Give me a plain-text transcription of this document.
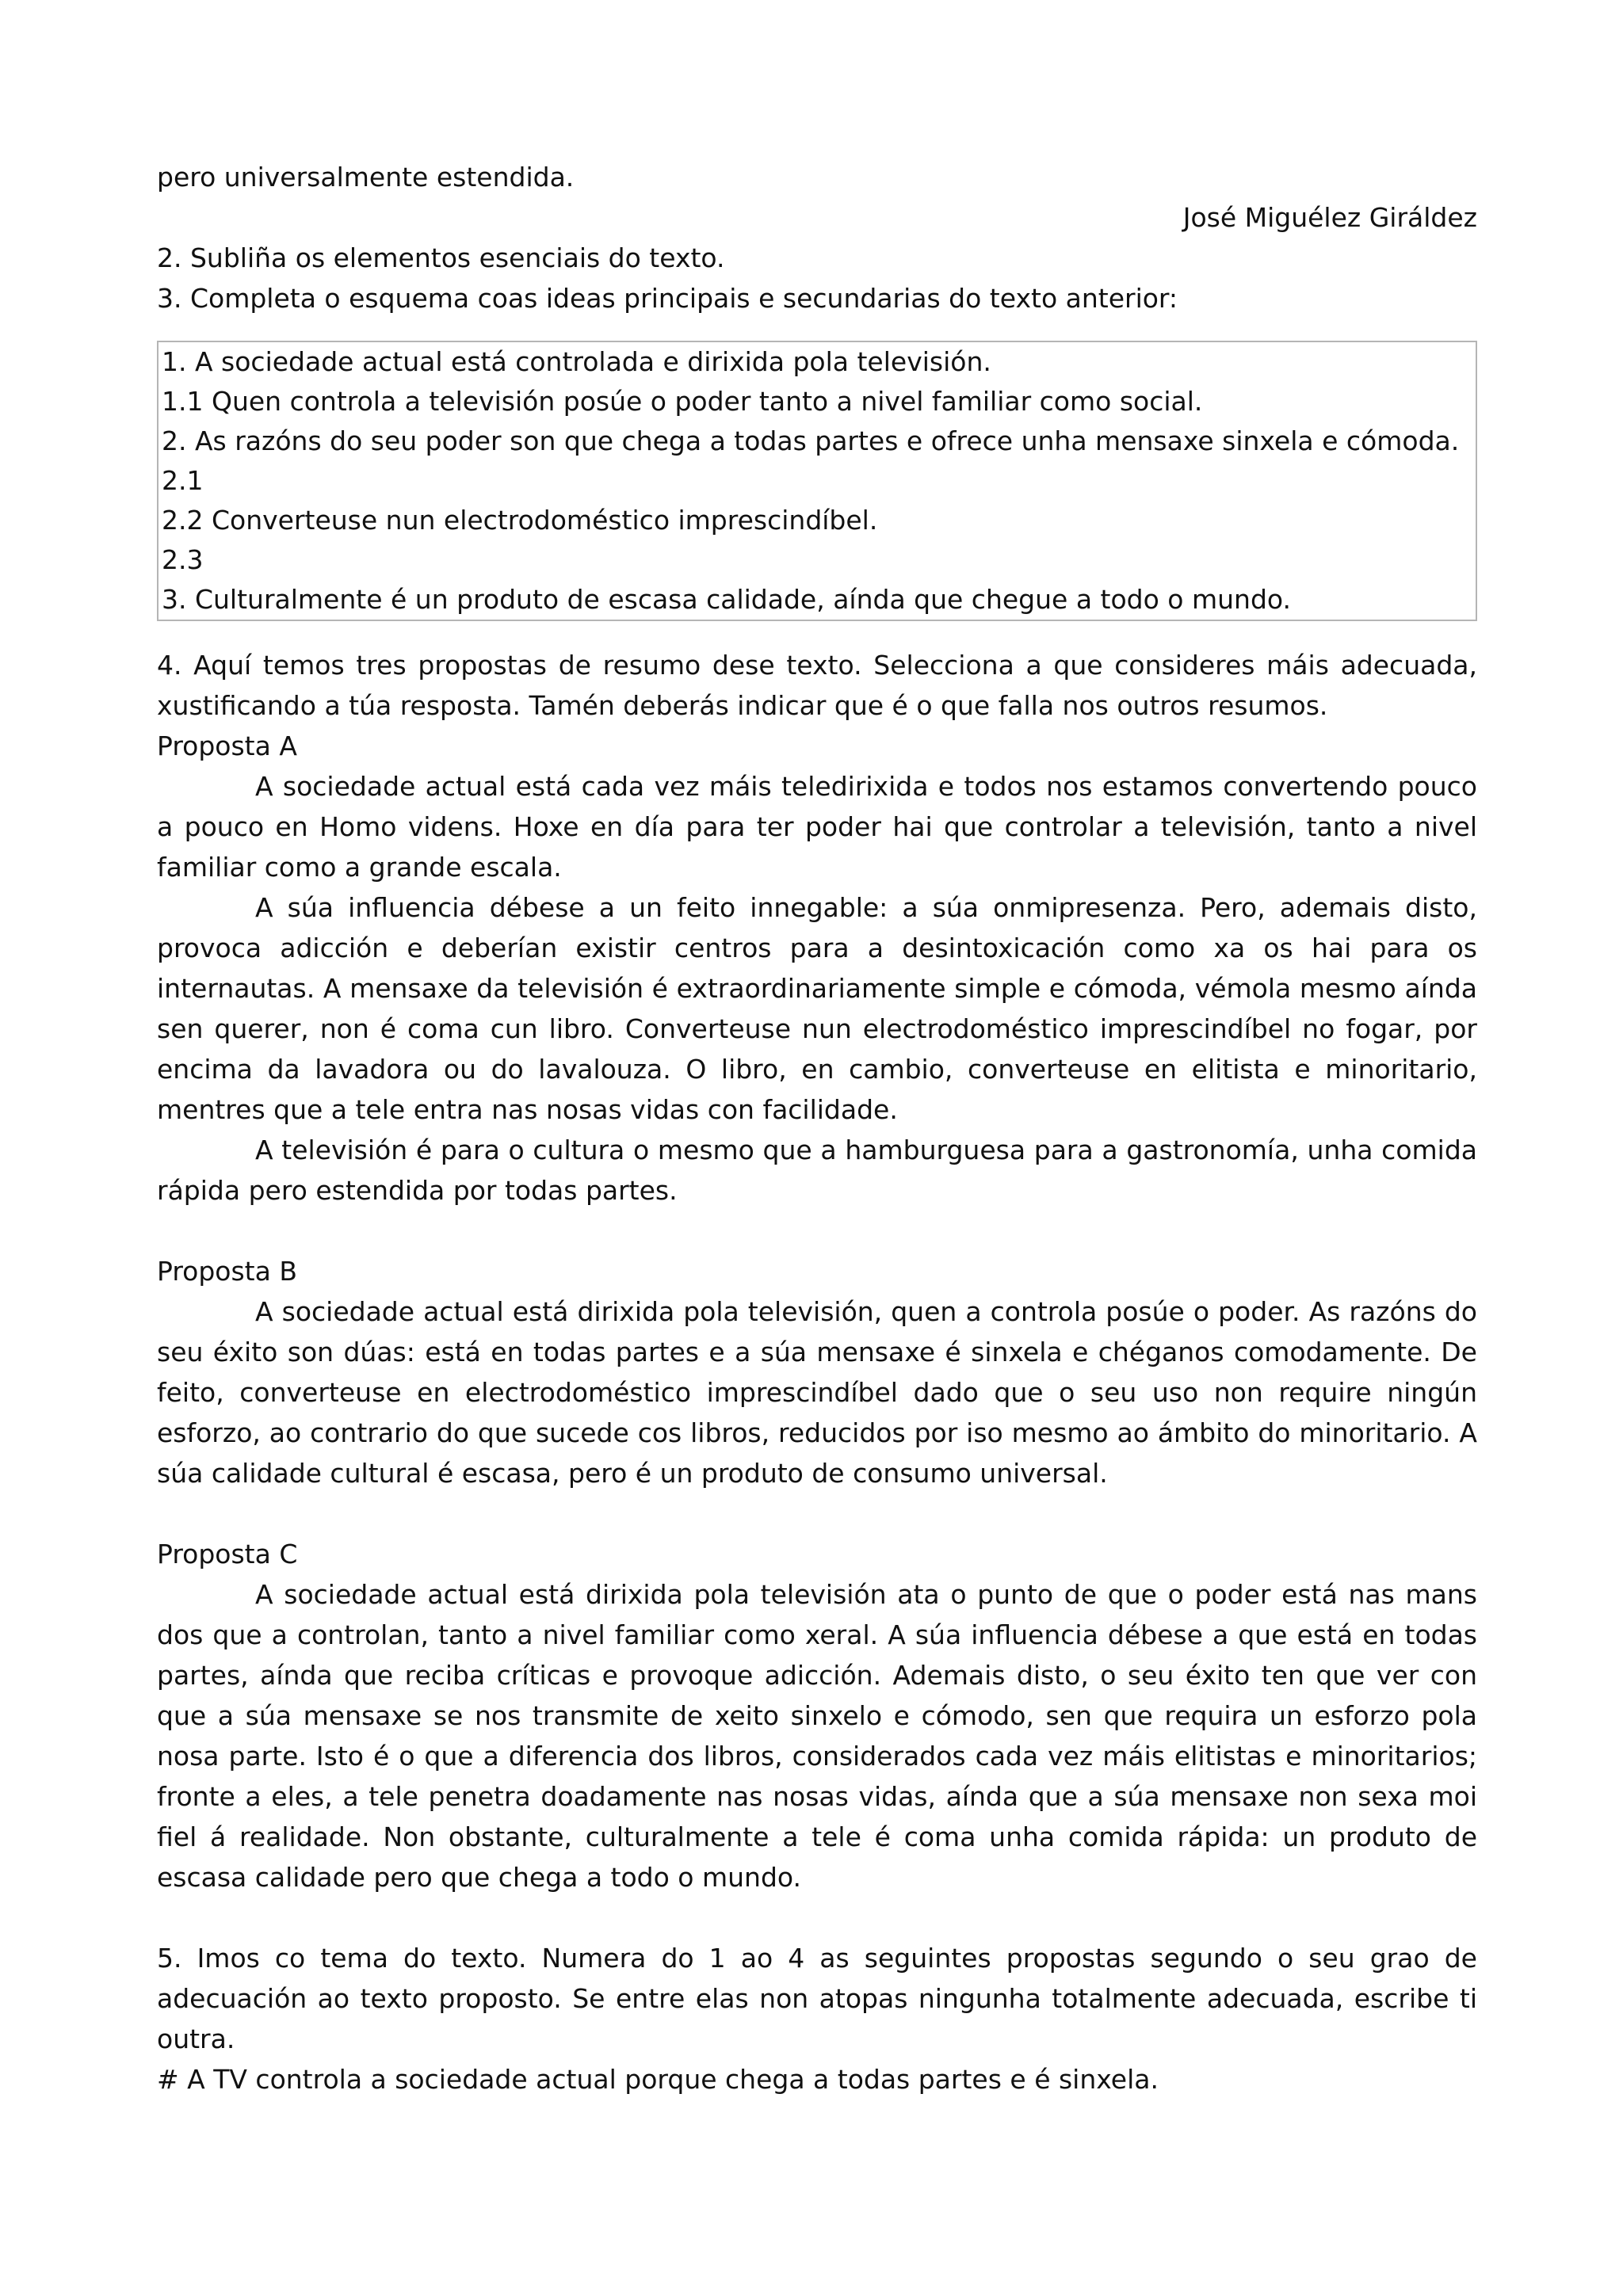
pero universalmente estendida.

José Miguélez Giráldez

2. Subliña os elementos esenciais do texto.

3. Completa o esquema coas ideas principais e secundarias do texto anterior:

1. A sociedade actual está controlada e dirixida pola televisión.

1.1 Quen controla a televisión posúe o poder tanto a nivel familiar como social.

2. As razóns do seu poder son que chega a todas partes e ofrece unha mensaxe sinxela e cómoda.

2.1

2.2 Converteuse nun electrodoméstico imprescindíbel.

2.3

3. Culturalmente é un produto de escasa calidade, aínda que chegue a todo o mundo.

4. Aquí temos tres propostas de resumo dese texto. Selecciona a que consideres máis adecuada, xustificando a túa resposta. Tamén deberás indicar que é o que falla nos outros resumos.

Proposta A

A sociedade actual está cada vez máis teledirixida e todos nos estamos convertendo pouco a pouco en Homo videns. Hoxe en día para ter poder hai que controlar a televisión, tanto a nivel familiar como a grande escala.

A súa influencia débese a un feito innegable: a súa onmipresenza. Pero, ademais disto, provoca adicción e deberían existir centros para a desintoxicación como xa os hai para os internautas. A mensaxe da televisión é extraordinariamente simple e cómoda, vémola mesmo aínda sen querer, non é coma cun libro. Converteuse nun electrodoméstico imprescindíbel no fogar, por encima da lavadora ou do lavalouza. O libro, en cambio, converteuse en elitista e minoritario, mentres que a tele entra nas nosas vidas con facilidade.

A televisión é para o cultura o mesmo que a hamburguesa para a gastronomía, unha comida rápida pero estendida por todas partes.

Proposta B

A sociedade actual está dirixida pola televisión, quen a controla posúe o poder. As razóns do seu éxito son dúas: está en todas partes e a súa mensaxe é sinxela e chéganos comodamente. De feito, converteuse en electrodoméstico imprescindíbel dado que o seu uso non require ningún esforzo, ao contrario do que sucede cos libros, reducidos por iso mesmo ao ámbito do minoritario. A súa calidade cultural é escasa, pero é un produto de consumo universal.

Proposta C

A sociedade actual está dirixida pola televisión ata o punto de que o poder está nas mans dos que a controlan, tanto a nivel familiar como xeral. A súa influencia débese a que está en todas partes, aínda que reciba críticas e provoque adicción. Ademais disto, o seu éxito ten que ver con que a súa mensaxe se nos transmite de xeito sinxelo e cómodo, sen que requira un esforzo pola nosa parte. Isto é o que a diferencia dos libros, considerados cada vez máis elitistas e minoritarios; fronte a eles, a tele penetra doadamente nas nosas vidas, aínda que a súa mensaxe non sexa moi fiel á realidade. Non obstante, culturalmente a tele é coma unha comida rápida: un produto de escasa calidade pero que chega a todo o mundo.

5. Imos co tema do texto. Numera do 1 ao 4 as seguintes propostas segundo o seu grao de adecuación ao texto proposto. Se entre elas non atopas ningunha totalmente adecuada, escribe ti outra.

# A TV controla a sociedade actual porque chega a todas partes e é sinxela.
